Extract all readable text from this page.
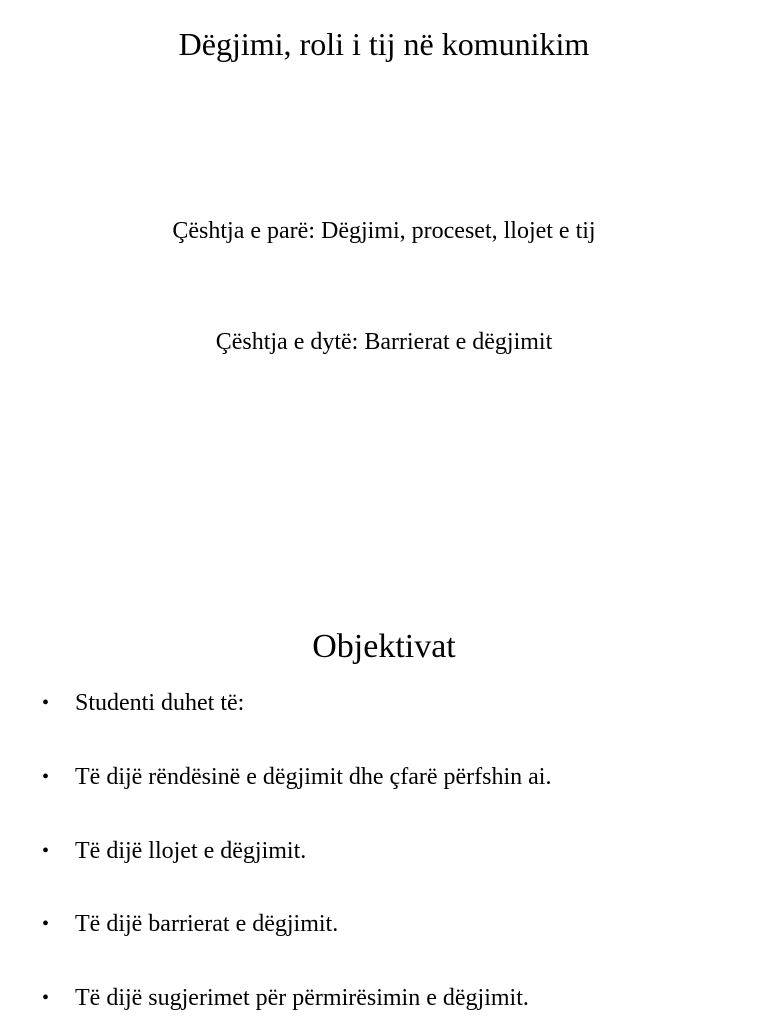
Dëgjimi, roli i tij në komunikim
Çështja e parë: Dëgjimi, proceset, llojet e tij
Çështja e dytë: Barrierat e dëgjimit
Objektivat
• Studenti duhet të:
• Të dijë rëndësinë e dëgjimit dhe çfarë përfshin ai.
• Të dijë llojet e dëgjimit.
• Të dijë barrierat e dëgjimit.
• Të dijë sugjerimet për përmirësimin e dëgjimit.
